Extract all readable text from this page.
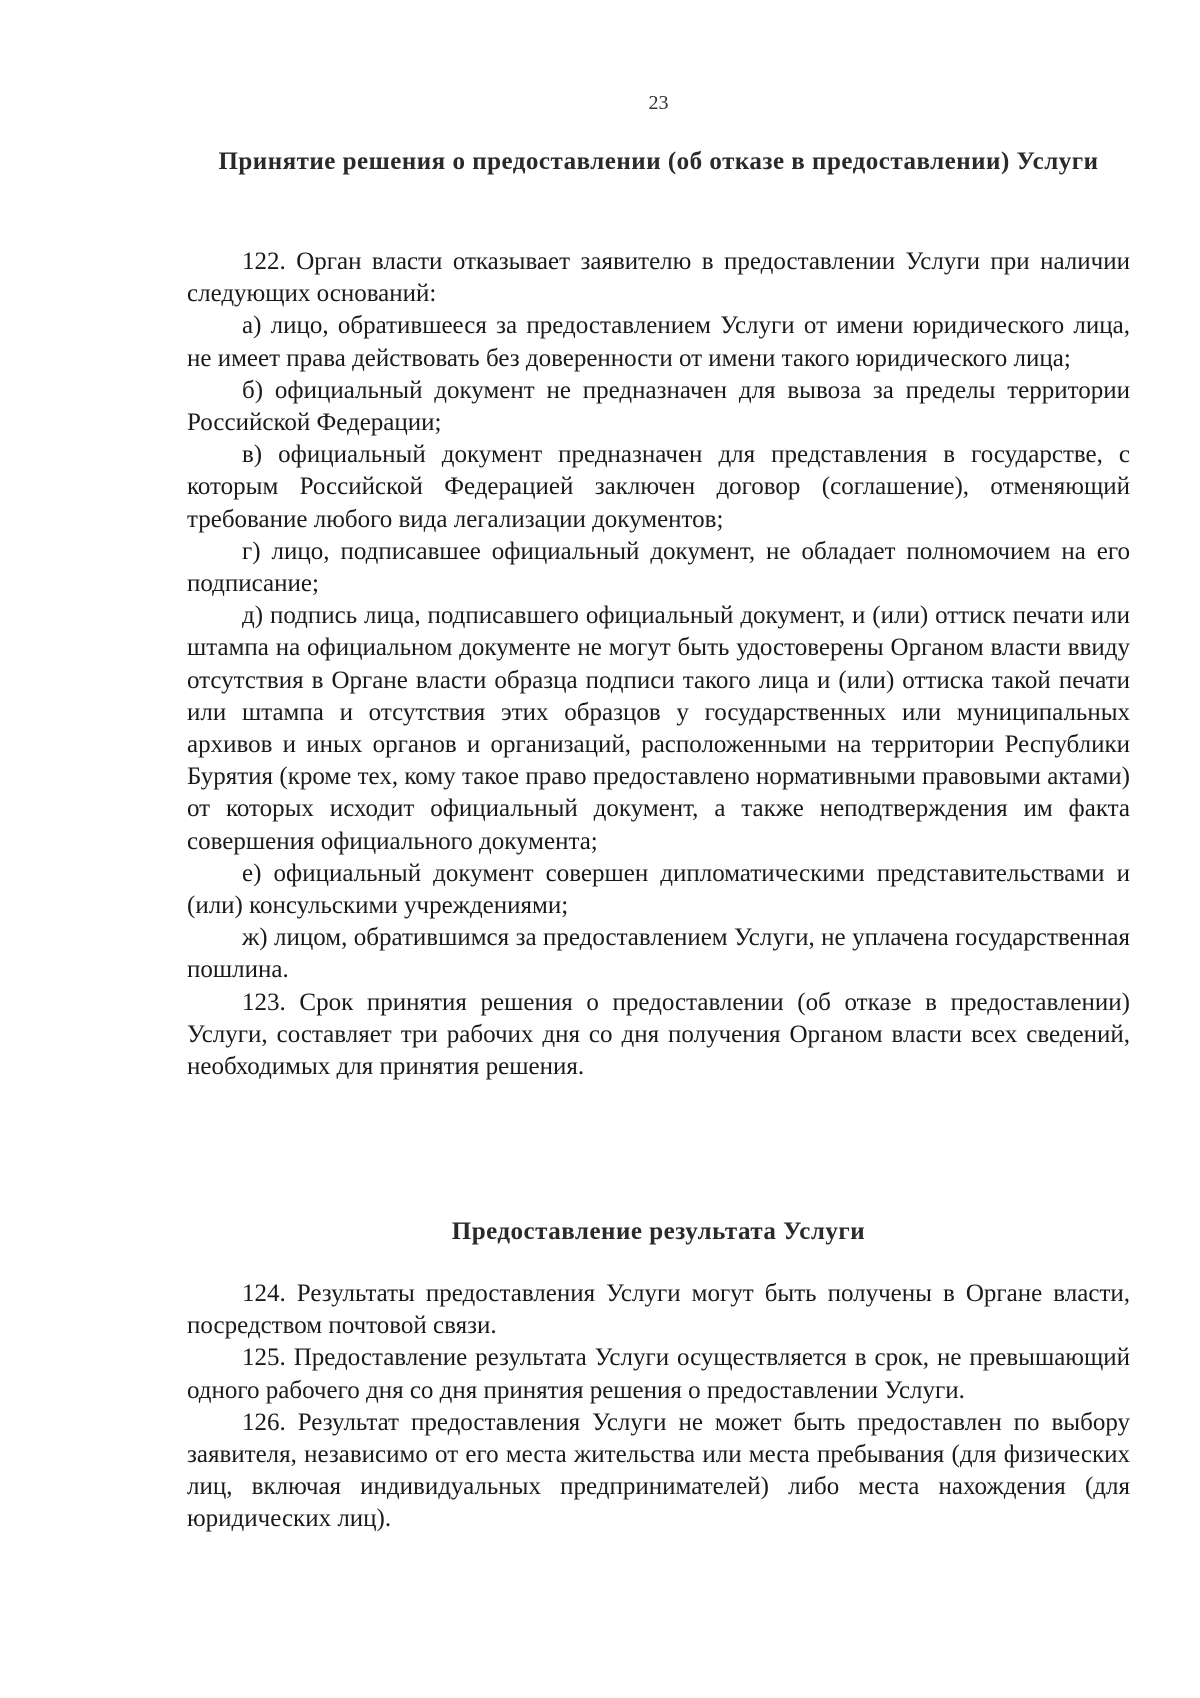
23
Принятие решения о предоставлении (об отказе в предоставлении) Услуги

122. Орган власти отказывает заявителю в предоставлении Услуги при наличии следующих оснований:

а) лицо, обратившееся за предоставлением Услуги от имени юридического лица, не имеет права действовать без доверенности от имени такого юридического лица;

б) официальный документ не предназначен для вывоза за пределы территории Российской Федерации;

в) официальный документ предназначен для представления в государстве, с которым Российской Федерацией заключен договор (соглашение), отменяющий требование любого вида легализации документов;

г) лицо, подписавшее официальный документ, не обладает полномочием на его подписание;

д) подпись лица, подписавшего официальный документ, и (или) оттиск печати или штампа на официальном документе не могут быть удостоверены Органом власти ввиду отсутствия в Органе власти образца подписи такого лица и (или) оттиска такой печати или штампа и отсутствия этих образцов у государственных или муниципальных архивов и иных органов и организаций, расположенными на территории Республики Бурятия (кроме тех, кому такое право предоставлено нормативными правовыми актами) от которых исходит официальный документ, а также неподтверждения им факта совершения официального документа;

е) официальный документ совершен дипломатическими представительствами и (или) консульскими учреждениями;

ж) лицом, обратившимся за предоставлением Услуги, не уплачена государственная пошлина.

123. Срок принятия решения о предоставлении (об отказе в предоставлении) Услуги, составляет три рабочих дня со дня получения Органом власти всех сведений, необходимых для принятия решения.

Предоставление результата Услуги

124. Результаты предоставления Услуги могут быть получены в Органе власти, посредством почтовой связи.

125. Предоставление результата Услуги осуществляется в срок, не превышающий одного рабочего дня со дня принятия решения о предоставлении Услуги.

126. Результат предоставления Услуги не может быть предоставлен по выбору заявителя, независимо от его места жительства или места пребывания (для физических лиц, включая индивидуальных предпринимателей) либо места нахождения (для юридических лиц).
